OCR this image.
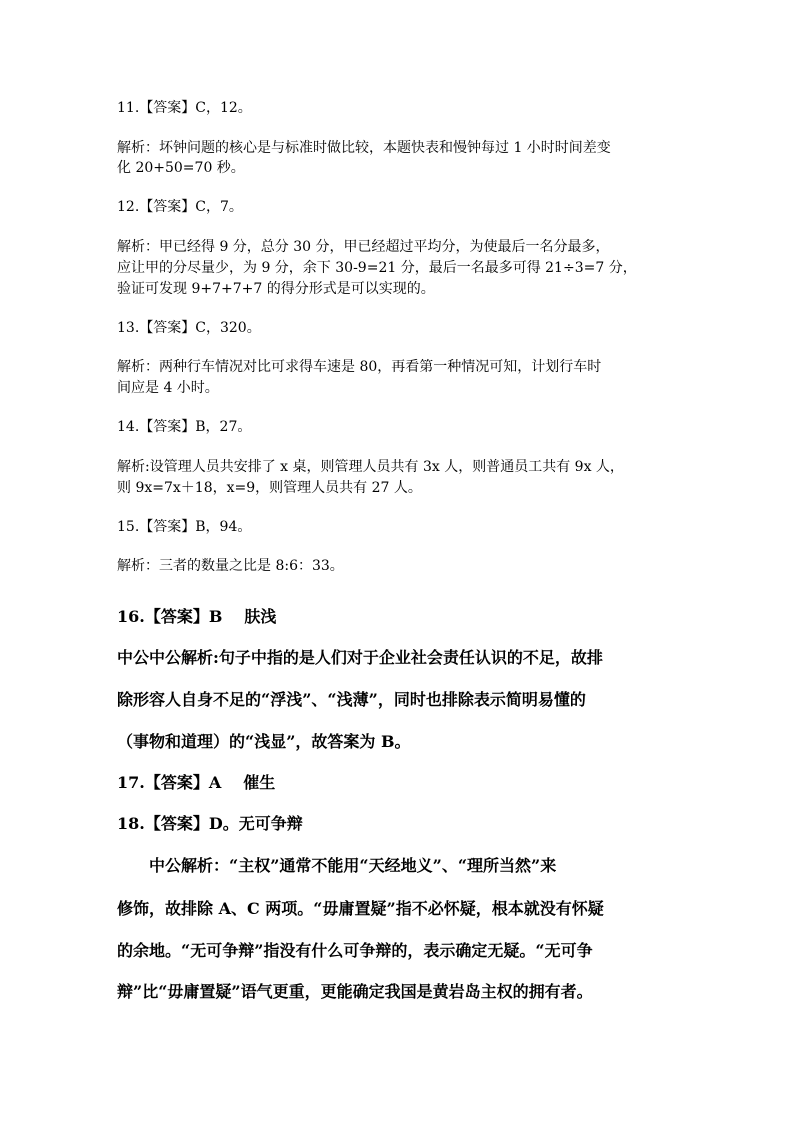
11.【答案】C，12。

解析：坏钟问题的核心是与标准时做比较，本题快表和慢钟每过 1 小时时间差变

化 20+50=70 秒。

12.【答案】C，7。

解析：甲已经得 9 分，总分 30 分，甲已经超过平均分，为使最后一名分最多，

应让甲的分尽量少，为 9 分，余下 30-9=21 分，最后一名最多可得 21÷3=7 分，

验证可发现 9+7+7+7 的得分形式是可以实现的。

13.【答案】C，320。

解析：两种行车情况对比可求得车速是 80，再看第一种情况可知，计划行车时

间应是 4 小时。

14.【答案】B，27。

解析:设管理人员共安排了 x 桌，则管理人员共有 3x 人，则普通员工共有 9x 人，

则 9x=7x＋18，x=9，则管理人员共有 27 人。

15.【答案】B，94。

解析：三者的数量之比是 8:6：33。

16.【答案】B 肤浅

中公中公解析:句子中指的是人们对于企业社会责任认识的不足，故排

除形容人自身不足的“浮浅”、“浅薄”，同时也排除表示简明易懂的

（事物和道理）的“浅显”，故答案为 B。

17.【答案】A 催生

18.【答案】D。无可争辩

中公解析：“主权”通常不能用“天经地义”、“理所当然”来

修饰，故排除 A、C 两项。“毋庸置疑”指不必怀疑，根本就没有怀疑

的余地。“无可争辩”指没有什么可争辩的，表示确定无疑。“无可争

辩”比“毋庸置疑”语气更重，更能确定我国是黄岩岛主权的拥有者。
